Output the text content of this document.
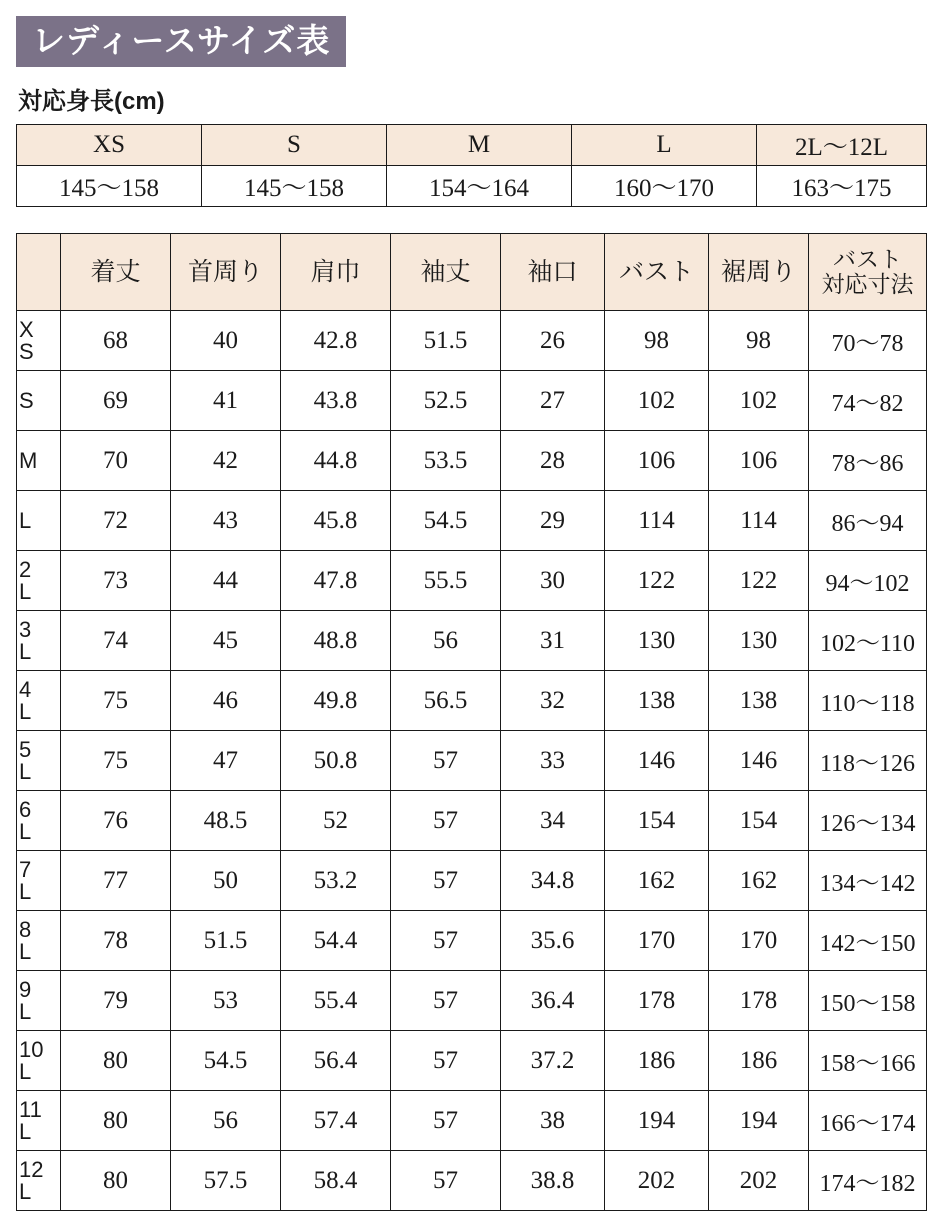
レディースサイズ表
対応身長(cm)
XS	S	M	L	2L〜12L
145〜158	145〜158	154〜164	160〜170	163〜175
	着丈	首周り	肩巾	袖丈	袖口	バスト	裾周り	バスト
対応寸法

X
S	68	40	42.8	51.5	26	98	98	70〜78

S	69	41	43.8	52.5	27	102	102	74〜82

M	70	42	44.8	53.5	28	106	106	78〜86

L	72	43	45.8	54.5	29	114	114	86〜94

2
L	73	44	47.8	55.5	30	122	122	94〜102

3
L	74	45	48.8	56	31	130	130	102〜110

4
L	75	46	49.8	56.5	32	138	138	110〜118

5
L	75	47	50.8	57	33	146	146	118〜126

6
L	76	48.5	52	57	34	154	154	126〜134

7
L	77	50	53.2	57	34.8	162	162	134〜142

8
L	78	51.5	54.4	57	35.6	170	170	142〜150

9
L	79	53	55.4	57	36.4	178	178	150〜158

10
L	80	54.5	56.4	57	37.2	186	186	158〜166

11
L	80	56	57.4	57	38	194	194	166〜174

12
L	80	57.5	58.4	57	38.8	202	202	174〜182
